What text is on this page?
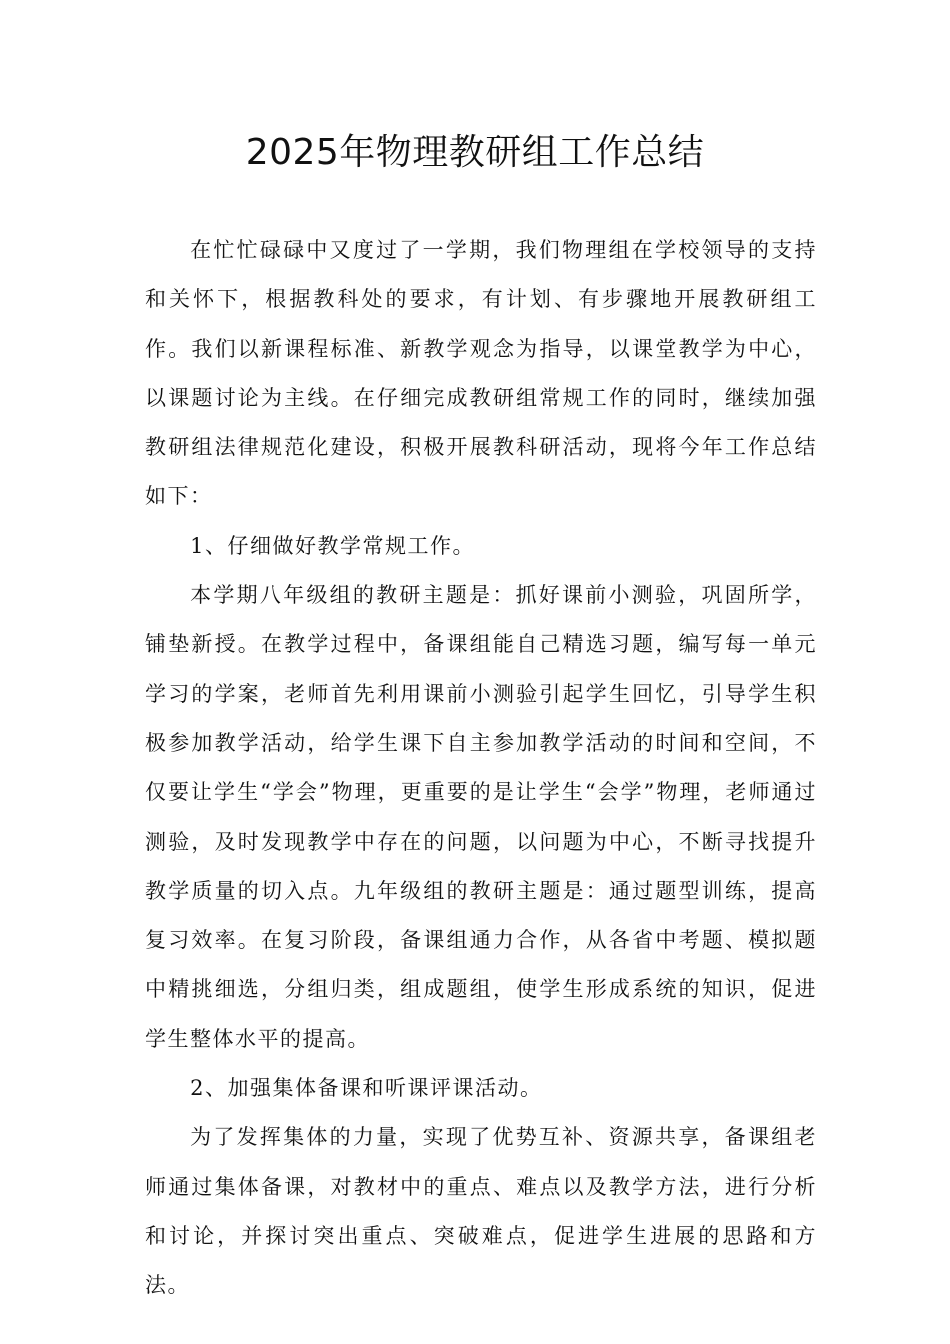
2025年物理教研组工作总结

在忙忙碌碌中又度过了一学期，我们物理组在学校领导的支持和关怀下，根据教科处的要求，有计划、有步骤地开展教研组工作。我们以新课程标准、新教学观念为指导，以课堂教学为中心，以课题讨论为主线。在仔细完成教研组常规工作的同时，继续加强教研组法律规范化建设，积极开展教科研活动，现将今年工作总结如下：

1、仔细做好教学常规工作。

本学期八年级组的教研主题是：抓好课前小测验，巩固所学，铺垫新授。在教学过程中，备课组能自己精选习题，编写每一单元学习的学案，老师首先利用课前小测验引起学生回忆，引导学生积极参加教学活动，给学生课下自主参加教学活动的时间和空间，不仅要让学生“学会”物理，更重要的是让学生“会学”物理，老师通过测验，及时发现教学中存在的问题，以问题为中心，不断寻找提升教学质量的切入点。九年级组的教研主题是：通过题型训练，提高复习效率。在复习阶段，备课组通力合作，从各省中考题、模拟题中精挑细选，分组归类，组成题组，使学生形成系统的知识，促进学生整体水平的提高。

2、加强集体备课和听课评课活动。

为了发挥集体的力量，实现了优势互补、资源共享，备课组老师通过集体备课，对教材中的重点、难点以及教学方法，进行分析和讨论，并探讨突出重点、突破难点，促进学生进展的思路和方法。
